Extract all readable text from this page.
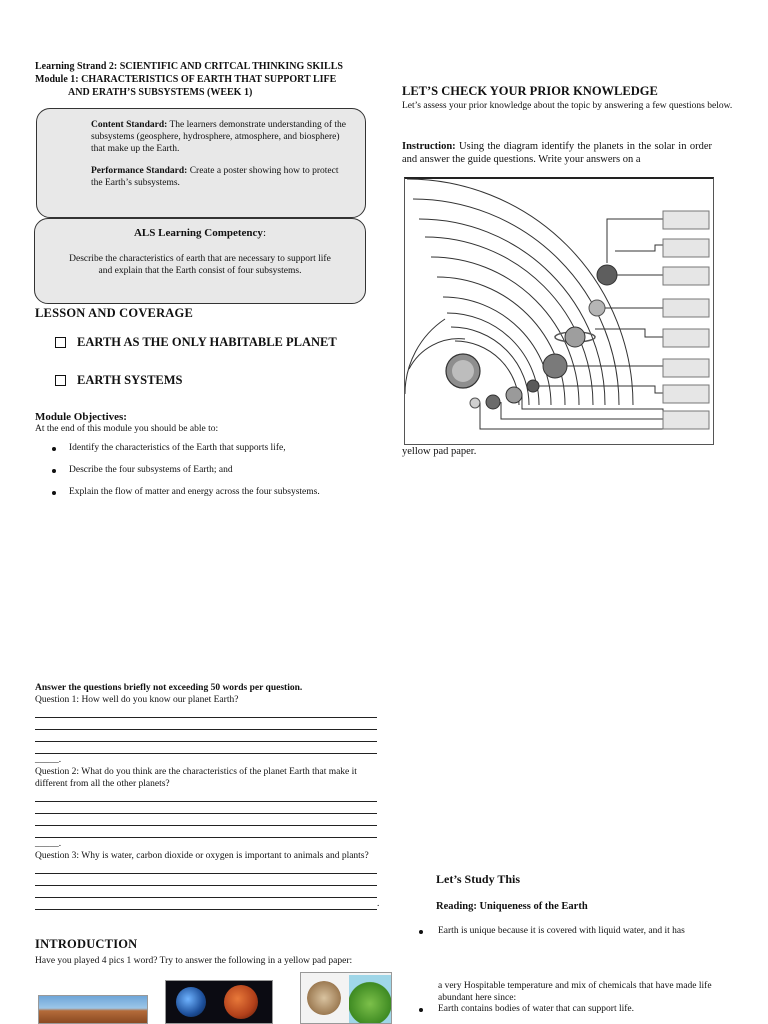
Learning Strand 2: SCIENTIFIC AND CRITCAL THINKING SKILLS
Module 1: CHARACTERISTICS OF EARTH THAT SUPPORT LIFE
AND ERATH’S SUBSYSTEMS (WEEK 1)

Content Standard: The learners demonstrate understanding of the subsystems (geosphere, hydrosphere, atmosphere, and biosphere) that make up the Earth.

Performance Standard: Create a poster showing how to protect the Earth’s subsystems.

ALS Learning Competency:
Describe the characteristics of earth that are necessary to support life and explain that the Earth consist of four subsystems.
LESSON AND COVERAGE
EARTH AS THE ONLY HABITABLE PLANET
EARTH SYSTEMS
Module Objectives:
At the end of this module you should be able to:
Identify the characteristics of the Earth that supports life,
Describe the four subsystems of Earth; and
Explain the flow of matter and energy across the four subsystems.
Answer the questions briefly not exceeding 50 words per question.
Question 1: How well do you know our planet Earth?
_____.
Question 2: What do you think are the characteristics of the planet Earth that make it different from all the other planets?
_____.
Question 3: Why is water, carbon dioxide or oxygen is important to animals and plants?
.
INTRODUCTION
Have you played 4 pics 1 word? Try to answer the following in a yellow pad paper:
LET’S CHECK YOUR PRIOR KNOWLEDGE
Let’s assess your prior knowledge about the topic by answering a few questions below.
Instruction: Using the diagram identify the planets in the solar in order and answer the guide questions. Write your answers on a
yellow pad paper.
Let’s Study This
Reading: Uniqueness of the Earth
Earth is unique because it is covered with liquid water, and it has
a very Hospitable temperature and mix of chemicals that have made life abundant here since:
Earth contains bodies of water that can support life.
